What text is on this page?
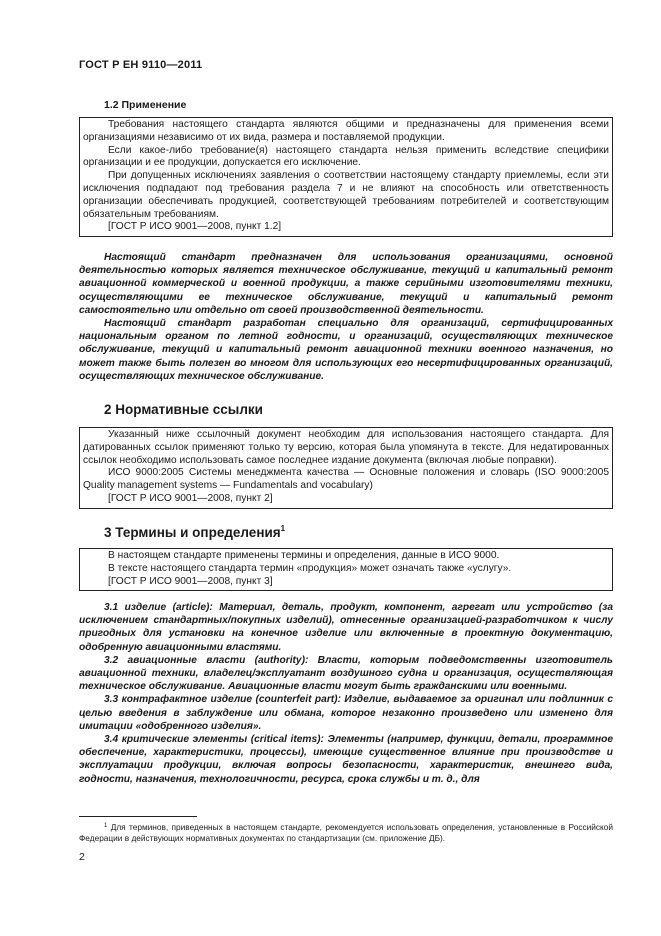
ГОСТ Р ЕН 9110—2011
1.2 Применение

Требования настоящего стандарта являются общими и предназначены для применения всеми организациями независимо от их вида, размера и поставляемой продукции.

Если какое-либо требование(я) настоящего стандарта нельзя применить вследствие специфики организации и ее продукции, допускается его исключение.

При допущенных исключениях заявления о соответствии настоящему стандарту приемлемы, если эти исключения подпадают под требования раздела 7 и не влияют на способность или ответственность организации обеспечивать продукцией, соответствующей требованиям потребителей и соответствующим обязательным требованиям.

[ГОСТ Р ИСО 9001—2008, пункт 1.2]

Настоящий стандарт предназначен для использования организациями, основной деятельностью которых является техническое обслуживание, текущий и капитальный ремонт авиационной коммерческой и военной продукции, а также серийными изготовителями техники, осуществляющими ее техническое обслуживание, текущий и капитальный ремонт самостоятельно или отдельно от своей производственной деятельности.

Настоящий стандарт разработан специально для организаций, сертифицированных национальным органом по летной годности, и организаций, осуществляющих техническое обслуживание, текущий и капитальный ремонт авиационной техники военного назначения, но может также быть полезен во многом для использующих его несертифицированных организаций, осуществляющих техническое обслуживание.

2 Нормативные ссылки

Указанный ниже ссылочный документ необходим для использования настоящего стандарта. Для датированных ссылок применяют только ту версию, которая была упомянута в тексте. Для недатированных ссылок необходимо использовать самое последнее издание документа (включая любые поправки).

ИСО 9000:2005 Системы менеджмента качества — Основные положения и словарь (ISO 9000:2005 Quality management systems — Fundamentals and vocabulary)

[ГОСТ Р ИСО 9001—2008, пункт 2]

3 Термины и определения$^1$

В настоящем стандарте применены термины и определения, данные в ИСО 9000.

В тексте настоящего стандарта термин «продукция» может означать также «услугу».

[ГОСТ Р ИСО 9001—2008, пункт 3]

3.1 изделие (article): Материал, деталь, продукт, компонент, агрегат или устройство (за исключением стандартных/покупных изделий), отнесенные организацией-разработчиком к числу пригодных для установки на конечное изделие или включенные в проектную документацию, одобренную авиационными властями.

3.2 авиационные власти (authority): Власти, которым подведомственны изготовитель авиационной техники, владелец/эксплуатант воздушного судна и организация, осуществляющая техническое обслуживание. Авиационные власти могут быть гражданскими или военными.

3.3 контрафактное изделие (counterfeit part): Изделие, выдаваемое за оригинал или подлинник с целью введения в заблуждение или обмана, которое незаконно произведено или изменено для имитации «одобренного изделия».

3.4 критические элементы (critical items): Элементы (например, функции, детали, программное обеспечение, характеристики, процессы), имеющие существенное влияние при производстве и эксплуатации продукции, включая вопросы безопасности, характеристик, внешнего вида, годности, назначения, технологичности, ресурса, срока службы и т. д., для

$^1$ Для терминов, приведенных в настоящем стандарте, рекомендуется использовать определения, установленные в Российской Федерации в действующих нормативных документах по стандартизации (см. приложение ДБ).
2
